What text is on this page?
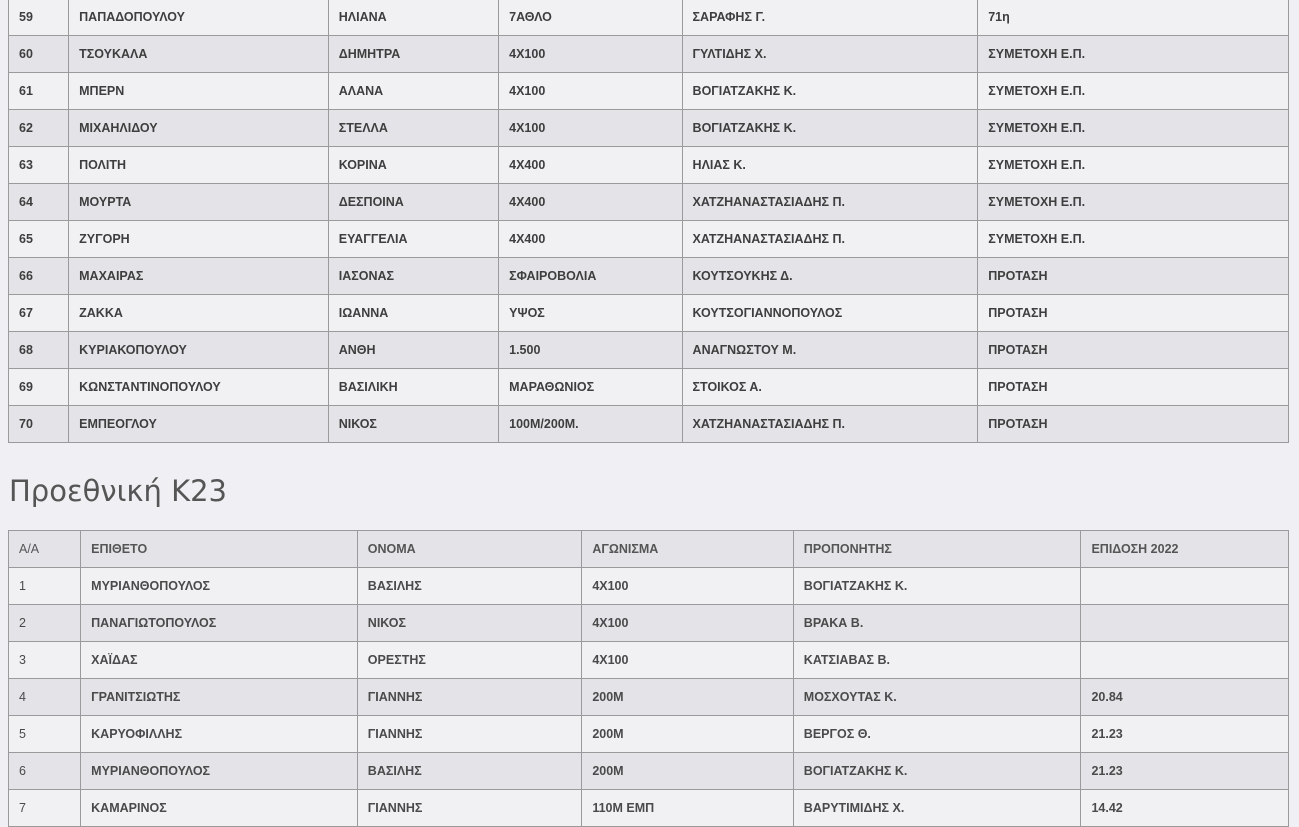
59	ΠΑΠΑΔΟΠΟΥΛΟΥ	ΗΛΙΑΝΑ	7ΑΘΛΟ	ΣΑΡΑΦΗΣ Γ.	71η
60	ΤΣΟΥΚΑΛΑ	ΔΗΜΗΤΡΑ	4Χ100	ΓΥΛΤΙΔΗΣ Χ.	ΣΥΜΕΤΟΧΗ Ε.Π.
61	ΜΠΕΡΝ	ΑΛΑΝΑ	4Χ100	ΒΟΓΙΑΤΖΑΚΗΣ Κ.	ΣΥΜΕΤΟΧΗ Ε.Π.
62	ΜΙΧΑΗΛΙΔΟΥ	ΣΤΕΛΛΑ	4Χ100	ΒΟΓΙΑΤΖΑΚΗΣ Κ.	ΣΥΜΕΤΟΧΗ Ε.Π.
63	ΠΟΛΙΤΗ	ΚΟΡΙΝΑ	4Χ400	ΗΛΙΑΣ Κ.	ΣΥΜΕΤΟΧΗ Ε.Π.
64	ΜΟΥΡΤΑ	ΔΕΣΠΟΙΝΑ	4Χ400	ΧΑΤΖΗΑΝΑΣΤΑΣΙΑΔΗΣ Π.	ΣΥΜΕΤΟΧΗ Ε.Π.
65	ΖΥΓΟΡΗ	ΕΥΑΓΓΕΛΙΑ	4Χ400	ΧΑΤΖΗΑΝΑΣΤΑΣΙΑΔΗΣ Π.	ΣΥΜΕΤΟΧΗ Ε.Π.
66	ΜΑΧΑΙΡΑΣ	ΙΑΣΟΝΑΣ	ΣΦΑΙΡΟΒΟΛΙΑ	ΚΟΥΤΣΟΥΚΗΣ Δ.	ΠΡΟΤΑΣΗ
67	ΖΑΚΚΑ	ΙΩΑΝΝΑ	ΥΨΟΣ	ΚΟΥΤΣΟΓΙΑΝΝΟΠΟΥΛΟΣ	ΠΡΟΤΑΣΗ
68	ΚΥΡΙΑΚΟΠΟΥΛΟΥ	ΑΝΘΗ	1.500	ΑΝΑΓΝΩΣΤΟΥ Μ.	ΠΡΟΤΑΣΗ
69	ΚΩΝΣΤΑΝΤΙΝΟΠΟΥΛΟΥ	ΒΑΣΙΛΙΚΗ	ΜΑΡΑΘΩΝΙΟΣ	ΣΤΟΙΚΟΣ Α.	ΠΡΟΤΑΣΗ
70	ΕΜΠΕΟΓΛΟΥ	ΝΙΚΟΣ	100Μ/200Μ.	ΧΑΤΖΗΑΝΑΣΤΑΣΙΑΔΗΣ Π.	ΠΡΟΤΑΣΗ
Προεθνική Κ23
Α/Α	ΕΠΙΘΕΤΟ	ΟΝΟΜΑ	ΑΓΩΝΙΣΜΑ	ΠΡΟΠΟΝΗΤΗΣ	ΕΠΙΔΟΣΗ 2022
1	ΜΥΡΙΑΝΘΟΠΟΥΛΟΣ	ΒΑΣΙΛΗΣ	4Χ100	ΒΟΓΙΑΤΖΑΚΗΣ Κ.	
2	ΠΑΝΑΓΙΩΤΟΠΟΥΛΟΣ	ΝΙΚΟΣ	4Χ100	ΒΡΑΚΑ Β.	
3	ΧΑΪΔΑΣ	ΟΡΕΣΤΗΣ	4Χ100	ΚΑΤΣΙΑΒΑΣ Β.	
4	ΓΡΑΝΙΤΣΙΩΤΗΣ	ΓΙΑΝΝΗΣ	200Μ	ΜΟΣΧΟΥΤΑΣ Κ.	20.84
5	ΚΑΡΥΟΦΙΛΛΗΣ	ΓΙΑΝΝΗΣ	200Μ	ΒΕΡΓΟΣ Θ.	21.23
6	ΜΥΡΙΑΝΘΟΠΟΥΛΟΣ	ΒΑΣΙΛΗΣ	200Μ	ΒΟΓΙΑΤΖΑΚΗΣ Κ.	21.23
7	ΚΑΜΑΡΙΝΟΣ	ΓΙΑΝΝΗΣ	110Μ ΕΜΠ	ΒΑΡΥΤΙΜΙΔΗΣ Χ.	14.42
